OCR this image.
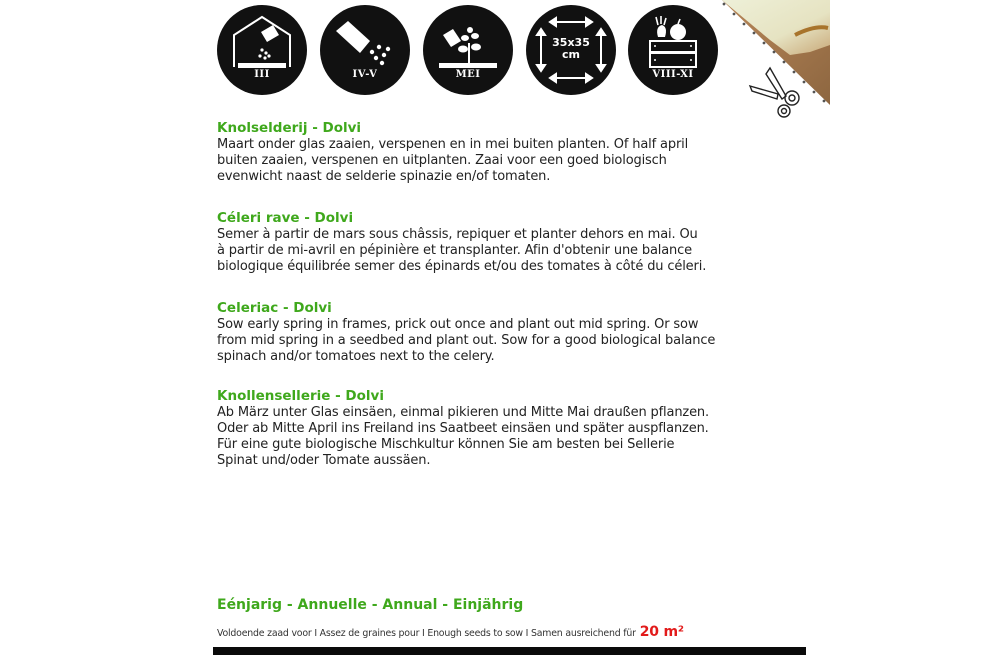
III	IV-V	MEI
35x35
cm
VIII-XI
Knolselderij - Dolvi
Maart onder glas zaaien, verspenen en in mei buiten planten. Of half april
buiten zaaien, verspenen en uitplanten. Zaai voor een goed biologisch
evenwicht naast de selderie spinazie en/of tomaten.
Céleri rave - Dolvi
Semer à partir de mars sous châssis, repiquer et planter dehors en mai. Ou
à partir de mi-avril en pépinière et transplanter. Afin d'obtenir une balance
biologique équilibrée semer des épinards et/ou des tomates à côté du céleri.
Celeriac - Dolvi
Sow early spring in frames, prick out once and plant out mid spring. Or sow
from mid spring in a seedbed and plant out. Sow for a good biological balance
spinach and/or tomatoes next to the celery.
Knollensellerie - Dolvi
Ab März unter Glas einsäen, einmal pikieren und Mitte Mai draußen pflanzen.
Oder ab Mitte April ins Freiland ins Saatbeet einsäen und später auspflanzen.
Für eine gute biologische Mischkultur können Sie am besten bei Sellerie
Spinat und/oder Tomate aussäen.
Eénjarig - Annuelle - Annual - Einjährig
Voldoende zaad voor I Assez de graines pour I Enough seeds to sow I Samen ausreichend für 20 m²
